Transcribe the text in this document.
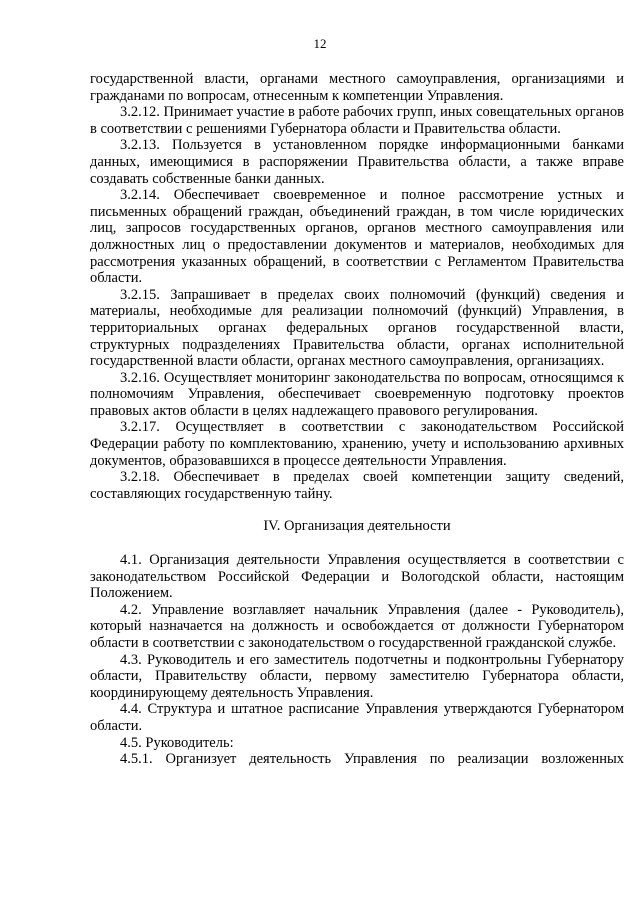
12

государственной власти, органами местного самоуправления, организациями и гражданами по вопросам, отнесенным к компетенции Управления.

3.2.12. Принимает участие в работе рабочих групп, иных совещательных органов в соответствии с решениями Губернатора области и Правительства области.

3.2.13. Пользуется в установленном порядке информационными банками данных, имеющимися в распоряжении Правительства области, а также вправе создавать собственные банки данных.

3.2.14. Обеспечивает своевременное и полное рассмотрение устных и письменных обращений граждан, объединений граждан, в том числе юридических лиц, запросов государственных органов, органов местного самоуправления или должностных лиц о предоставлении документов и материалов, необходимых для рассмотрения указанных обращений, в соответствии с Регламентом Правительства области.

3.2.15. Запрашивает в пределах своих полномочий (функций) сведения и материалы, необходимые для реализации полномочий (функций) Управления, в территориальных органах федеральных органов государственной власти, структурных подразделениях Правительства области, органах исполнительной государственной власти области, органах местного самоуправления, организациях.

3.2.16. Осуществляет мониторинг законодательства по вопросам, относящимся к полномочиям Управления, обеспечивает своевременную подготовку проектов правовых актов области в целях надлежащего правового регулирования.

3.2.17. Осуществляет в соответствии с законодательством Российской Федерации работу по комплектованию, хранению, учету и использованию архивных документов, образовавшихся в процессе деятельности Управления.

3.2.18. Обеспечивает в пределах своей компетенции защиту сведений, составляющих государственную тайну.

IV. Организация деятельности

4.1. Организация деятельности Управления осуществляется в соответствии с законодательством Российской Федерации и Вологодской области, настоящим Положением.

4.2. Управление возглавляет начальник Управления (далее - Руководитель), который назначается на должность и освобождается от должности Губернатором области в соответствии с законодательством о государственной гражданской службе.

4.3. Руководитель и его заместитель подотчетны и подконтрольны Губернатору области, Правительству области, первому заместителю Губернатора области, координирующему деятельность Управления.

4.4. Структура и штатное расписание Управления утверждаются Губернатором области.

4.5. Руководитель:

4.5.1. Организует деятельность Управления по реализации возложенных
